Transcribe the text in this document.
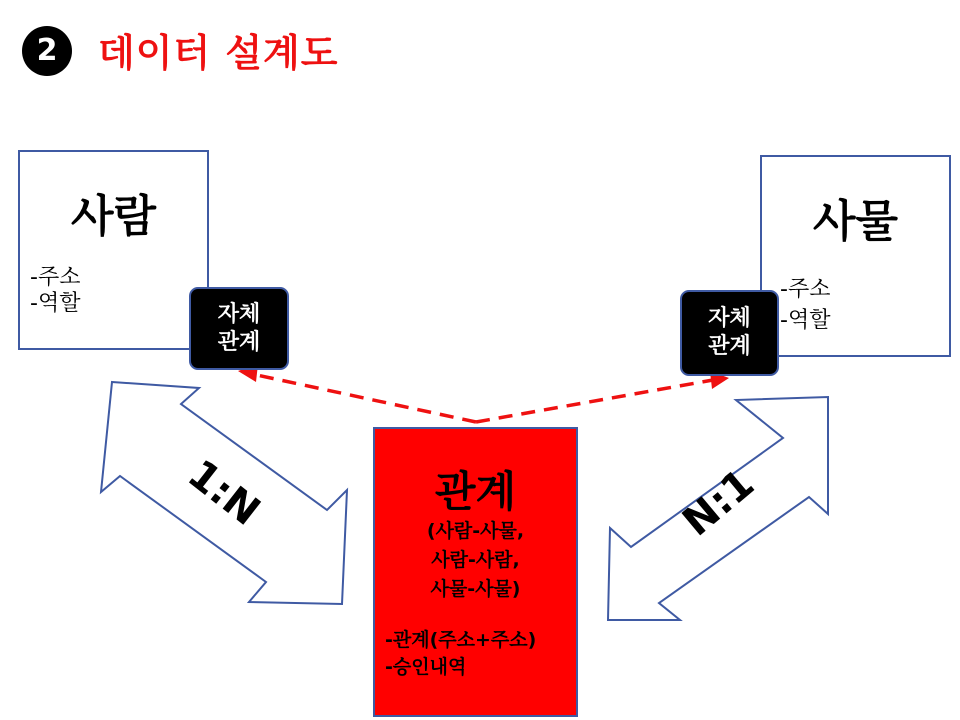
2	데이터 설계도
사람
-주소
-역할
사물
-주소
-역할
자체
관계
자체
관계
1:N	N:1
관계
(사람-사물,
사람-사람,
사물-사물)
-관계(주소+주소)
-승인내역
